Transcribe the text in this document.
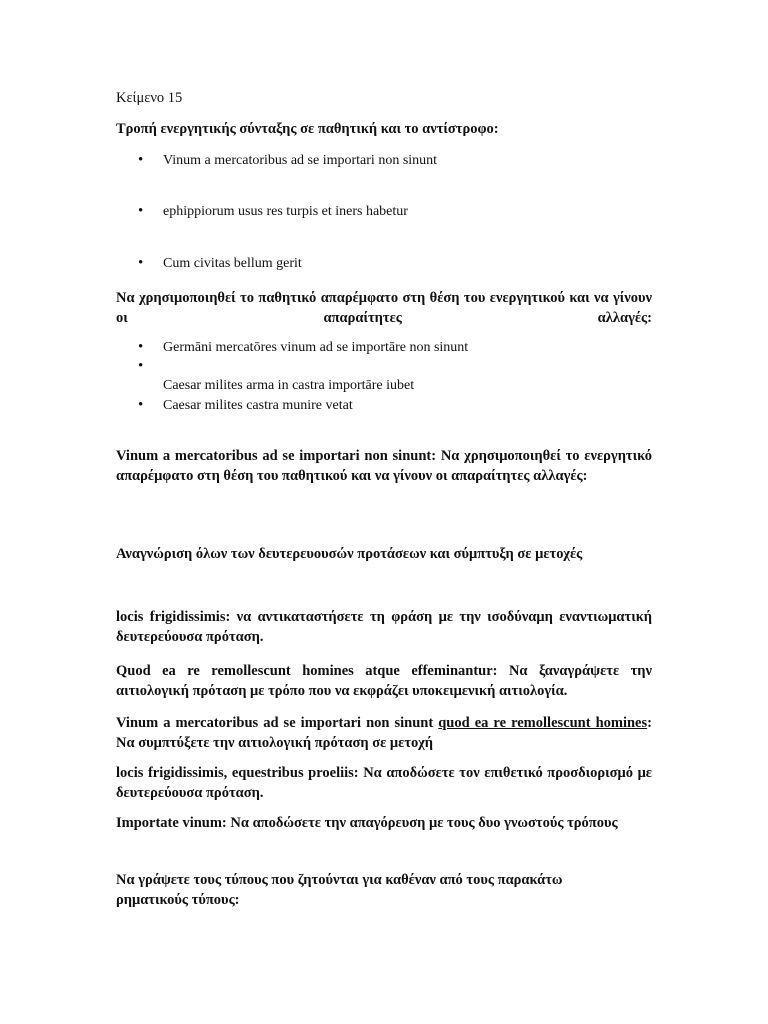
Κείμενο 15

Τροπή ενεργητικής σύνταξης σε παθητική και το αντίστροφο:

• Vinum a mercatoribus ad se importari non sinunt
• ephippiorum usus res turpis et iners habetur
• Cum civitas bellum gerit

Να χρησιμοποιηθεί το παθητικό απαρέμφατο στη θέση του ενεργητικού και να γίνουν οι απαραίτητες αλλαγές:

• Germāni mercatōres vinum ad se importāre non sinunt
• Caesar milites castra munire vetat

Caesar milites arma in castra importāre iubet

Vinum a mercatoribus ad se importari non sinunt: Να χρησιμοποιηθεί το ενεργητικό απαρέμφατο στη θέση του παθητικού και να γίνουν οι απαραίτητες αλλαγές:

Αναγνώριση όλων των δευτερευουσών προτάσεων και σύμπτυξη σε μετοχές

locis frigidissimis: να αντικαταστήσετε τη φράση με την ισοδύναμη εναντιωματική δευτερεύουσα πρόταση.

Quod ea re remollescunt homines atque effeminantur: Να ξαναγράψετε την αιτιολογική πρόταση με τρόπο που να εκφράζει υποκειμενική αιτιολογία.

Vinum a mercatoribus ad se importari non sinunt quod ea re remollescunt homines: Να συμπτύξετε την αιτιολογική πρόταση σε μετοχή

locis frigidissimis, equestribus proeliis: Να αποδώσετε τον επιθετικό προσδιορισμό με δευτερεύουσα πρόταση.

Importate vinum: Να αποδώσετε την απαγόρευση με τους δυο γνωστούς τρόπους

Να γράψετε τους τύπους που ζητούνται για καθέναν από τους παρακάτω ρηματικούς τύπους:
